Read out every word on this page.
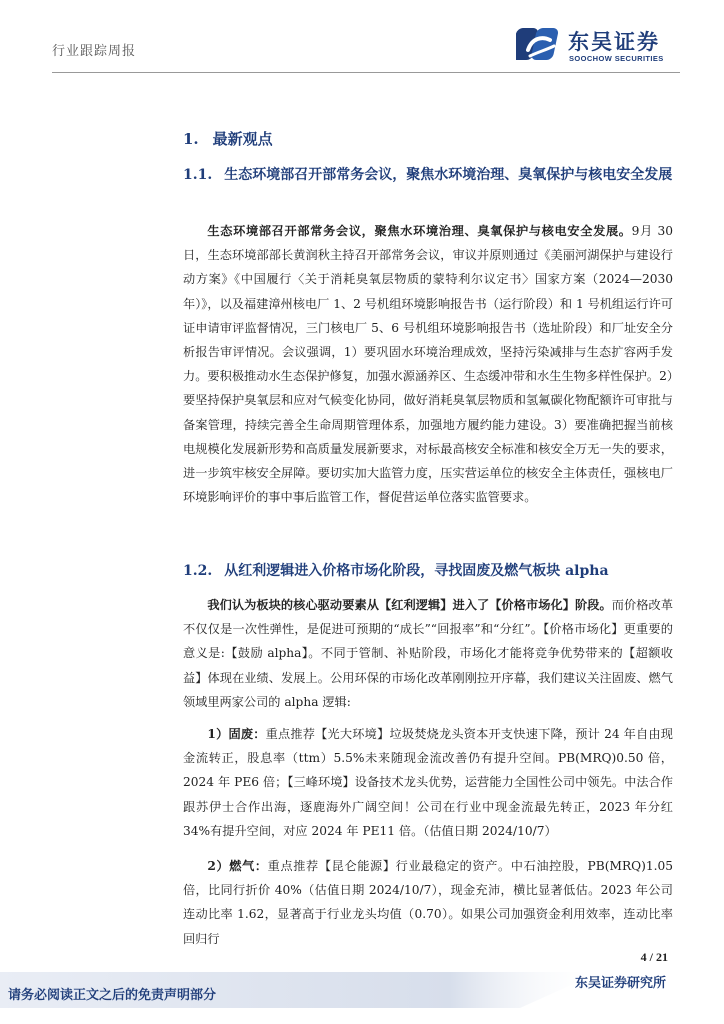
行业跟踪周报	东吴证券
SOOCHOW SECURITIES
1. 最新观点
1.1. 生态环境部召开部常务会议，聚焦水环境治理、臭氧保护与核电安全发展

生态环境部召开部常务会议，聚焦水环境治理、臭氧保护与核电安全发展。9月 30 日，生态环境部部长黄润秋主持召开部常务会议，审议并原则通过《美丽河湖保护与建设行动方案》《中国履行〈关于消耗臭氧层物质的蒙特利尔议定书〉国家方案（2024—2030 年）》，以及福建漳州核电厂 1、2 号机组环境影响报告书（运行阶段）和 1 号机组运行许可证申请审评监督情况，三门核电厂 5、6 号机组环境影响报告书（选址阶段）和厂址安全分析报告审评情况。会议强调，1）要巩固水环境治理成效，坚持污染减排与生态扩容两手发力。要积极推动水生态保护修复，加强水源涵养区、生态缓冲带和水生生物多样性保护。2）要坚持保护臭氧层和应对气候变化协同，做好消耗臭氧层物质和氢氟碳化物配额许可审批与备案管理，持续完善全生命周期管理体系，加强地方履约能力建设。3）要准确把握当前核电规模化发展新形势和高质量发展新要求，对标最高核安全标准和核安全万无一失的要求，进一步筑牢核安全屏障。要切实加大监管力度，压实营运单位的核安全主体责任，强核电厂环境影响评价的事中事后监管工作，督促营运单位落实监管要求。

1.2. 从红利逻辑进入价格市场化阶段，寻找固废及燃气板块 alpha

我们认为板块的核心驱动要素从【红利逻辑】进入了【价格市场化】阶段。而价格改革不仅仅是一次性弹性，是促进可预期的“成长”“回报率”和“分红”。【价格市场化】更重要的意义是:【鼓励 alpha】。不同于管制、补贴阶段，市场化才能将竞争优势带来的【超额收益】体现在业绩、发展上。公用环保的市场化改革刚刚拉开序幕，我们建议关注固废、燃气领域里两家公司的 alpha 逻辑:

1）固废：重点推荐【光大环境】垃圾焚烧龙头资本开支快速下降，预计 24 年自由现金流转正，股息率（ttm）5.5%未来随现金流改善仍有提升空间。PB(MRQ)0.50 倍，2024 年 PE6 倍；【三峰环境】设备技术龙头优势，运营能力全国性公司中领先。中法合作跟苏伊士合作出海，逐鹿海外广阔空间！公司在行业中现金流最先转正，2023 年分红 34%有提升空间，对应 2024 年 PE11 倍。（估值日期 2024/10/7）

2）燃气：重点推荐【昆仑能源】行业最稳定的资产。中石油控股，PB(MRQ)1.05 倍，比同行折价 40%（估值日期 2024/10/7），现金充沛，横比显著低估。2023 年公司连动比率 1.62，显著高于行业龙头均值（0.70）。如果公司加强资金利用效率，连动比率回归行

4 / 21
请务必阅读正文之后的免责声明部分
东吴证券研究所
